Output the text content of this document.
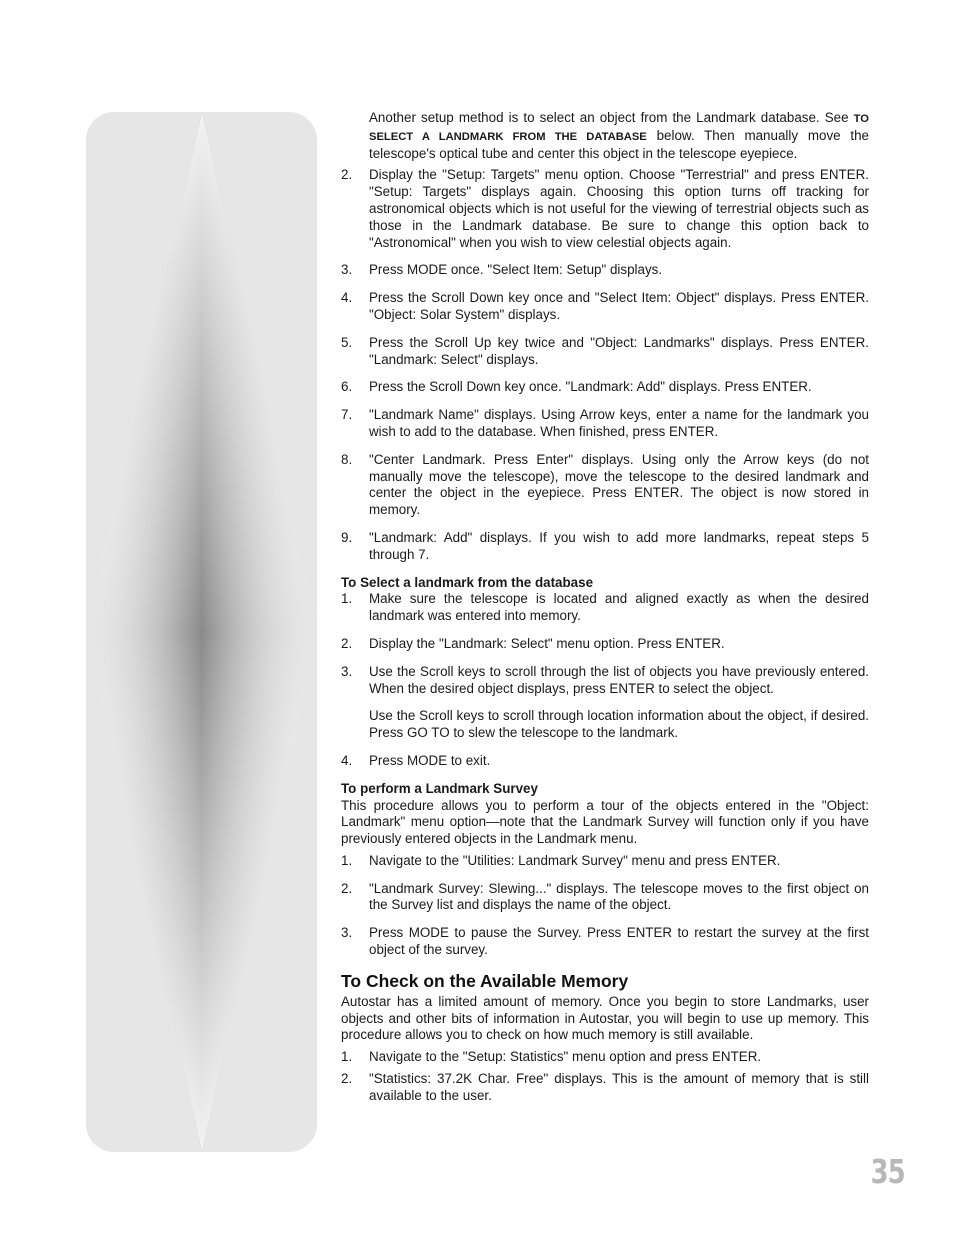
Another setup method is to select an object from the Landmark database. See TO SELECT A LANDMARK FROM THE DATABASE below. Then manually move the telescope's optical tube and center this object in the telescope eyepiece.

2. Display the "Setup: Targets" menu option. Choose "Terrestrial" and press ENTER. "Setup: Targets" displays again. Choosing this option turns off tracking for astronomical objects which is not useful for the viewing of terrestrial objects such as those in the Landmark database. Be sure to change this option back to "Astronomical" when you wish to view celestial objects again.

3. Press MODE once. "Select Item: Setup" displays.

4. Press the Scroll Down key once and "Select Item: Object" displays. Press ENTER. "Object: Solar System" displays.

5. Press the Scroll Up key twice and "Object: Landmarks" displays. Press ENTER. "Landmark: Select" displays.

6. Press the Scroll Down key once. "Landmark: Add" displays. Press ENTER.

7. "Landmark Name" displays. Using Arrow keys, enter a name for the landmark you wish to add to the database. When finished, press ENTER.

8. "Center Landmark. Press Enter" displays. Using only the Arrow keys (do not manually move the telescope), move the telescope to the desired landmark and center the object in the eyepiece. Press ENTER. The object is now stored in memory.

9. "Landmark: Add" displays. If you wish to add more landmarks, repeat steps 5 through 7.

To Select a landmark from the database

1. Make sure the telescope is located and aligned exactly as when the desired landmark was entered into memory.

2. Display the "Landmark: Select" menu option. Press ENTER.

3. Use the Scroll keys to scroll through the list of objects you have previously entered. When the desired object displays, press ENTER to select the object.

Use the Scroll keys to scroll through location information about the object, if desired. Press GO TO to slew the telescope to the landmark.

4. Press MODE to exit.

To perform a Landmark Survey

This procedure allows you to perform a tour of the objects entered in the "Object: Landmark" menu option—note that the Landmark Survey will function only if you have previously entered objects in the Landmark menu.

1. Navigate to the "Utilities: Landmark Survey" menu and press ENTER.

2. "Landmark Survey: Slewing..." displays. The telescope moves to the first object on the Survey list and displays the name of the object.

3. Press MODE to pause the Survey. Press ENTER to restart the survey at the first object of the survey.

To Check on the Available Memory

Autostar has a limited amount of memory. Once you begin to store Landmarks, user objects and other bits of information in Autostar, you will begin to use up memory. This procedure allows you to check on how much memory is still available.

1. Navigate to the "Setup: Statistics" menu option and press ENTER.

2. "Statistics: 37.2K Char. Free" displays. This is the amount of memory that is still available to the user.

35
